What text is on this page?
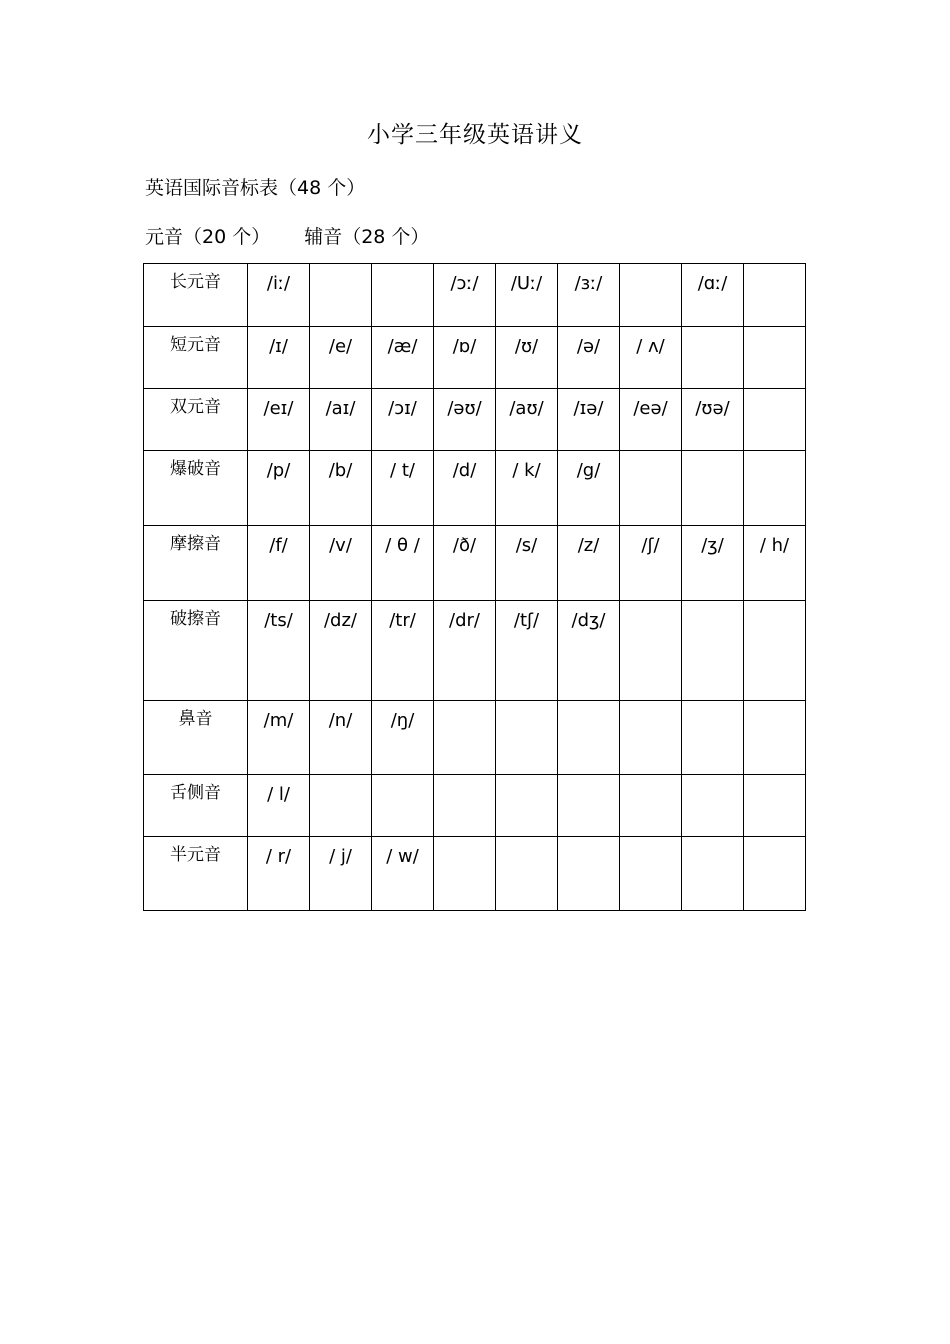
小学三年级英语讲义
英语国际音标表（48 个）
元音（20 个） 辅音（28 个）
长元音	/iː/			/ɔː/	/Uː/	/ɜː/		/ɑː/	
短元音	/ɪ/	/e/	/æ/	/ɒ/	/ʊ/	/ə/	/ ʌ/		
双元音	/eɪ/	/aɪ/	/ɔɪ/	/əʊ/	/aʊ/	/ɪə/	/eə/	/ʊə/	
爆破音	/p/	/b/	/ t/	/d/	/ k/	/g/			
摩擦音	/f/	/v/	/ θ /	/ð/	/s/	/z/	/ʃ/	/ʒ/	/ h/
破擦音	/ts/	/dz/	/tr/	/dr/	/tʃ/	/dʒ/			
鼻音	/m/	/n/	/ŋ/						
舌侧音	/ l/								
半元音	/ r/	/ j/	/ w/						
